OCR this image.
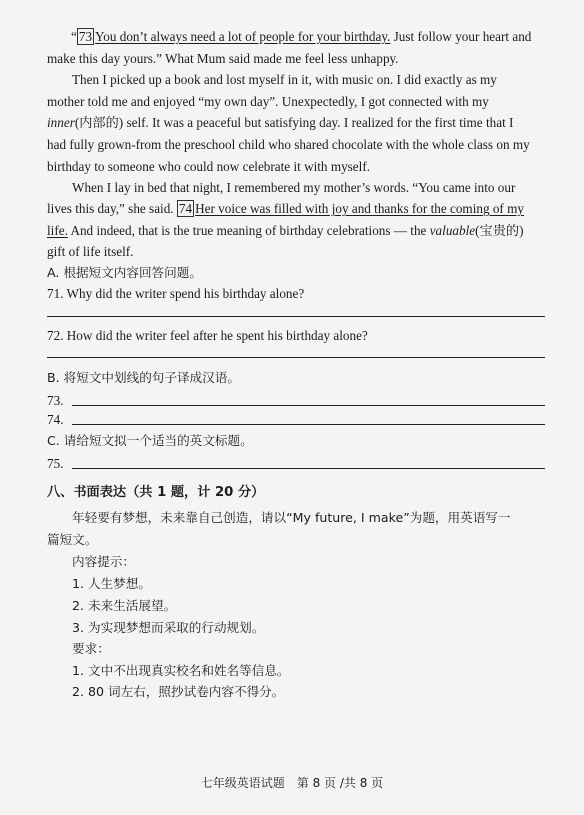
“ 73 You don’t always need a lot of people for your birthday. Just follow your heart and
make this day yours.” What Mum said made me feel less unhappy.
Then I picked up a book and lost myself in it, with music on. I did exactly as my
mother told me and enjoyed “my own day”. Unexpectedly, I got connected with my
inner(内部的) self. It was a peaceful but satisfying day. I realized for the first time that I
had fully grown-from the preschool child who shared chocolate with the whole class on my
birthday to someone who could now celebrate it with myself.
When I lay in bed that night, I remembered my mother’s words. “You came into our
lives this day,” she said. 74 Her voice was filled with joy and thanks for the coming of my
life. And indeed, that is the true meaning of birthday celebrations — the valuable(宝贵的)
gift of life itself.
A. 根据短文内容回答问题。
71. Why did the writer spend his birthday alone?
72. How did the writer feel after he spent his birthday alone?
B. 将短文中划线的句子译成汉语。
73.
74.
C. 请给短文拟一个适当的英文标题。
75.
八、书面表达（共 1 题，计 20 分）
年轻要有梦想，未来靠自己创造，请以“My future, I make”为题，用英语写一
篇短文。
内容提示：
1. 人生梦想。
2. 未来生活展望。
3. 为实现梦想而采取的行动规划。
要求：
1. 文中不出现真实校名和姓名等信息。
2. 80 词左右，照抄试卷内容不得分。
七年级英语试题　第 8 页 /共 8 页
